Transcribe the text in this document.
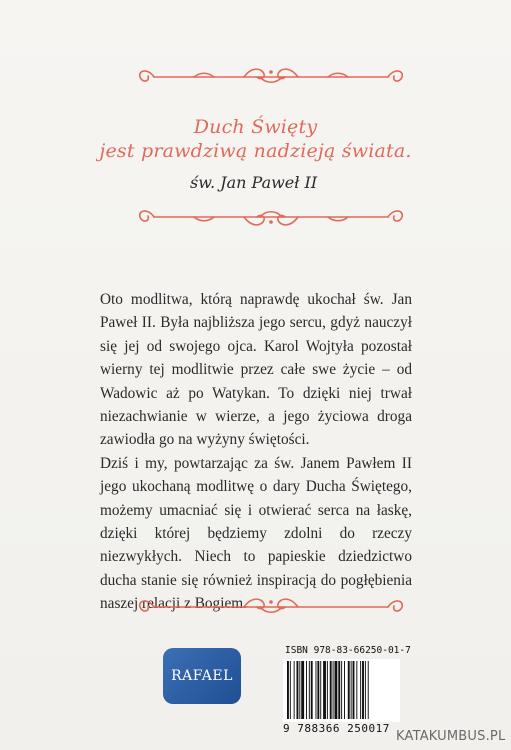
Duch Święty
jest prawdziwą nadzieją świata.
św. Jan Paweł II

Oto modlitwa, którą naprawdę ukochał św. Jan Paweł II. Była najbliższa jego sercu, gdyż nauczył się jej od swojego ojca. Karol Wojtyła pozostał wierny tej modlitwie przez całe swe życie – od Wadowic aż po Watykan. To dzięki niej trwał niezachwianie w wierze, a jego życiowa droga zawiodła go na wyżyny świętości.

Dziś i my, powtarzając za św. Janem Pawłem II jego ukochaną modlitwę o dary Ducha Świętego, możemy umacniać się i otwierać serca na łaskę, dzięki której będziemy zdolni do rzeczy niezwykłych. Niech to papieskie dziedzictwo ducha stanie się również inspiracją do pogłębienia naszej relacji z Bogiem.

RAFAEL
ISBN 978-83-66250-01-7
9 788366 250017
KATAKUMBUS.PL
